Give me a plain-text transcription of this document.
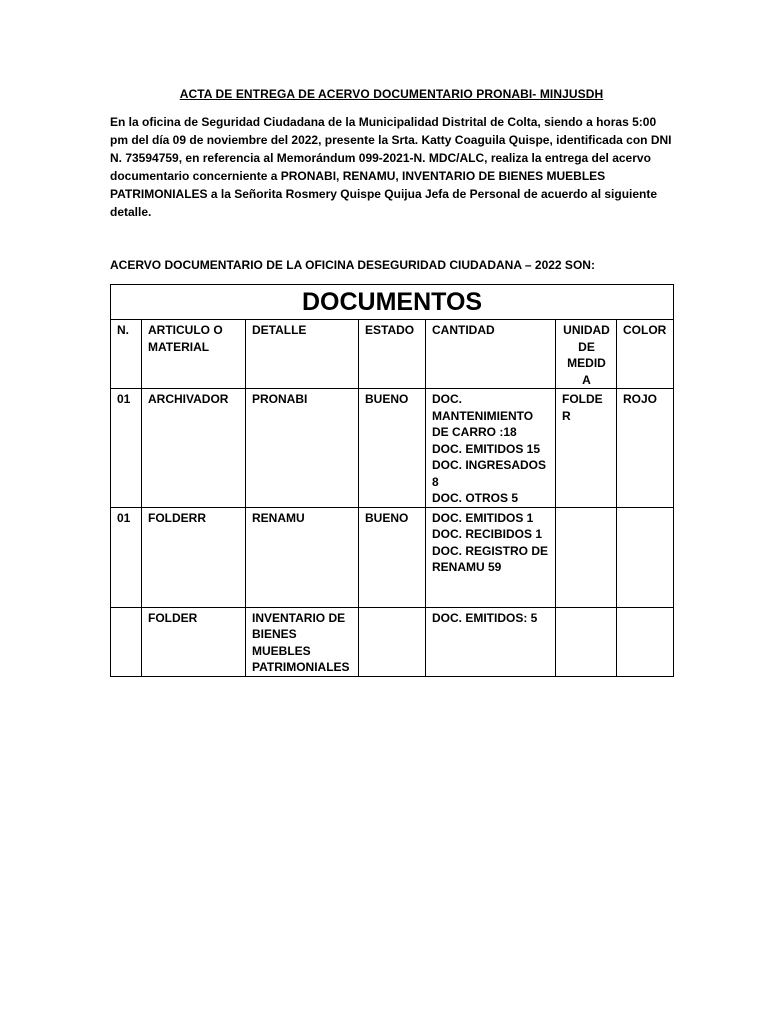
ACTA DE ENTREGA DE ACERVO DOCUMENTARIO PRONABI- MINJUSDH

En la oficina de Seguridad Ciudadana de la Municipalidad Distrital de Colta, siendo a horas 5:00 pm del día 09 de noviembre del 2022, presente la Srta. Katty Coaguila Quispe, identificada con DNI N. 73594759, en referencia al Memorándum 099-2021-N. MDC/ALC, realiza la entrega del acervo documentario concerniente a PRONABI, RENAMU, INVENTARIO DE BIENES MUEBLES PATRIMONIALES a la Señorita Rosmery Quispe Quijua Jefa de Personal de acuerdo al siguiente detalle.

ACERVO DOCUMENTARIO DE LA OFICINA DESEGURIDAD CIUDADANA – 2022 SON:
DOCUMENTOS						
N.	ARTICULO O MATERIAL	DETALLE	ESTADO	CANTIDAD	UNIDAD DE MEDID A	COLOR
01	ARCHIVADOR	PRONABI	BUENO	DOC. MANTENIMIENTO DE CARRO :18
DOC. EMITIDOS 15
DOC. INGRESADOS 8
DOC. OTROS 5	FOLDER	ROJO
01	FOLDERR	RENAMU	BUENO	DOC. EMITIDOS 1
DOC. RECIBIDOS 1
DOC. REGISTRO DE RENAMU 59		

	FOLDER	INVENTARIO DE BIENES MUEBLES PATRIMONIALES		DOC. EMITIDOS: 5		
